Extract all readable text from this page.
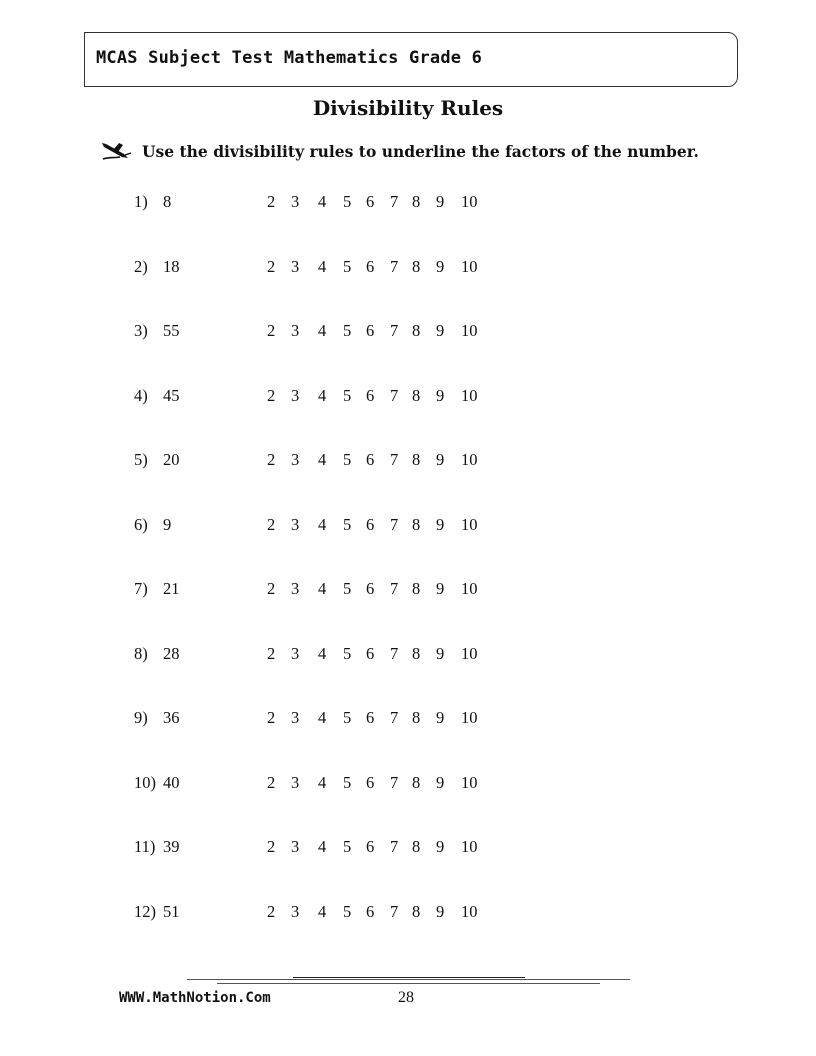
MCAS Subject Test Mathematics Grade 6
Divisibility Rules
Use the divisibility rules to underline the factors of the number.
1) 8	2 3 4 5 6 7 8 9 10
2) 18	2 3 4 5 6 7 8 9 10
3) 55	2 3 4 5 6 7 8 9 10
4) 45	2 3 4 5 6 7 8 9 10
5) 20	2 3 4 5 6 7 8 9 10
6) 9	2 3 4 5 6 7 8 9 10
7) 21	2 3 4 5 6 7 8 9 10
8) 28	2 3 4 5 6 7 8 9 10
9) 36	2 3 4 5 6 7 8 9 10
10) 40	2 3 4 5 6 7 8 9 10
11) 39	2 3 4 5 6 7 8 9 10
12) 51	2 3 4 5 6 7 8 9 10
WWW.MathNotion.Com	28
